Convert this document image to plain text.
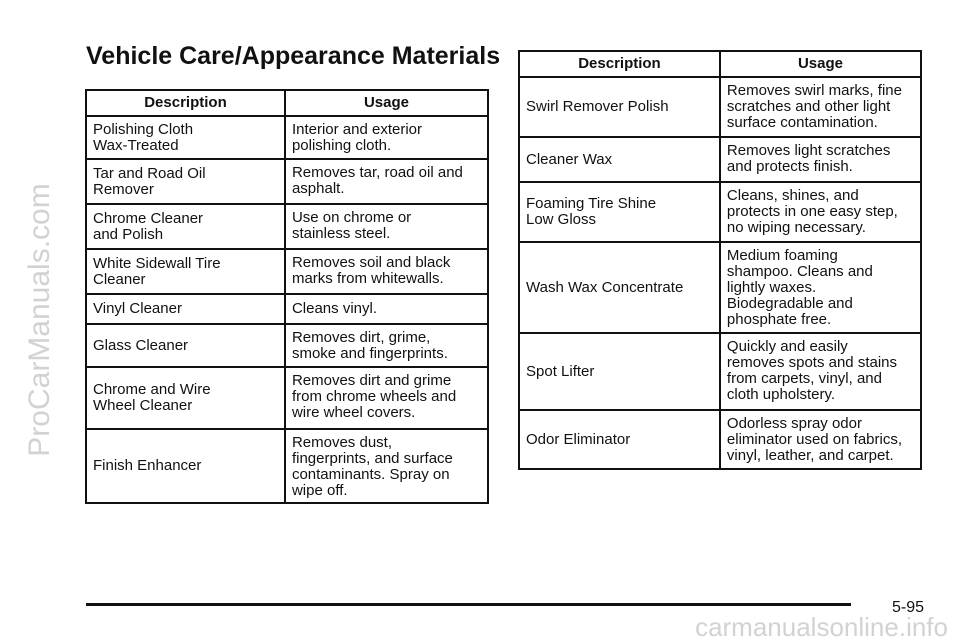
ProCarManuals.com
carmanualsonline.info
Vehicle Care/Appearance Materials
Description	Usage
Polishing Cloth
Wax-Treated	Interior and exterior
polishing cloth.
Tar and Road Oil
Remover	Removes tar, road oil and
asphalt.
Chrome Cleaner
and Polish	Use on chrome or
stainless steel.
White Sidewall Tire
Cleaner	Removes soil and black
marks from whitewalls.
Vinyl Cleaner	Cleans vinyl.
Glass Cleaner	Removes dirt, grime,
smoke and fingerprints.
Chrome and Wire
Wheel Cleaner	Removes dirt and grime
from chrome wheels and
wire wheel covers.
Finish Enhancer	Removes dust,
fingerprints, and surface
contaminants. Spray on
wipe off.
Description	Usage
Swirl Remover Polish	Removes swirl marks, fine
scratches and other light
surface contamination.
Cleaner Wax	Removes light scratches
and protects finish.
Foaming Tire Shine
Low Gloss	Cleans, shines, and
protects in one easy step,
no wiping necessary.
Wash Wax Concentrate	Medium foaming
shampoo. Cleans and
lightly waxes.
Biodegradable and
phosphate free.
Spot Lifter	Quickly and easily
removes spots and stains
from carpets, vinyl, and
cloth upholstery.
Odor Eliminator	Odorless spray odor
eliminator used on fabrics,
vinyl, leather, and carpet.
5-95
